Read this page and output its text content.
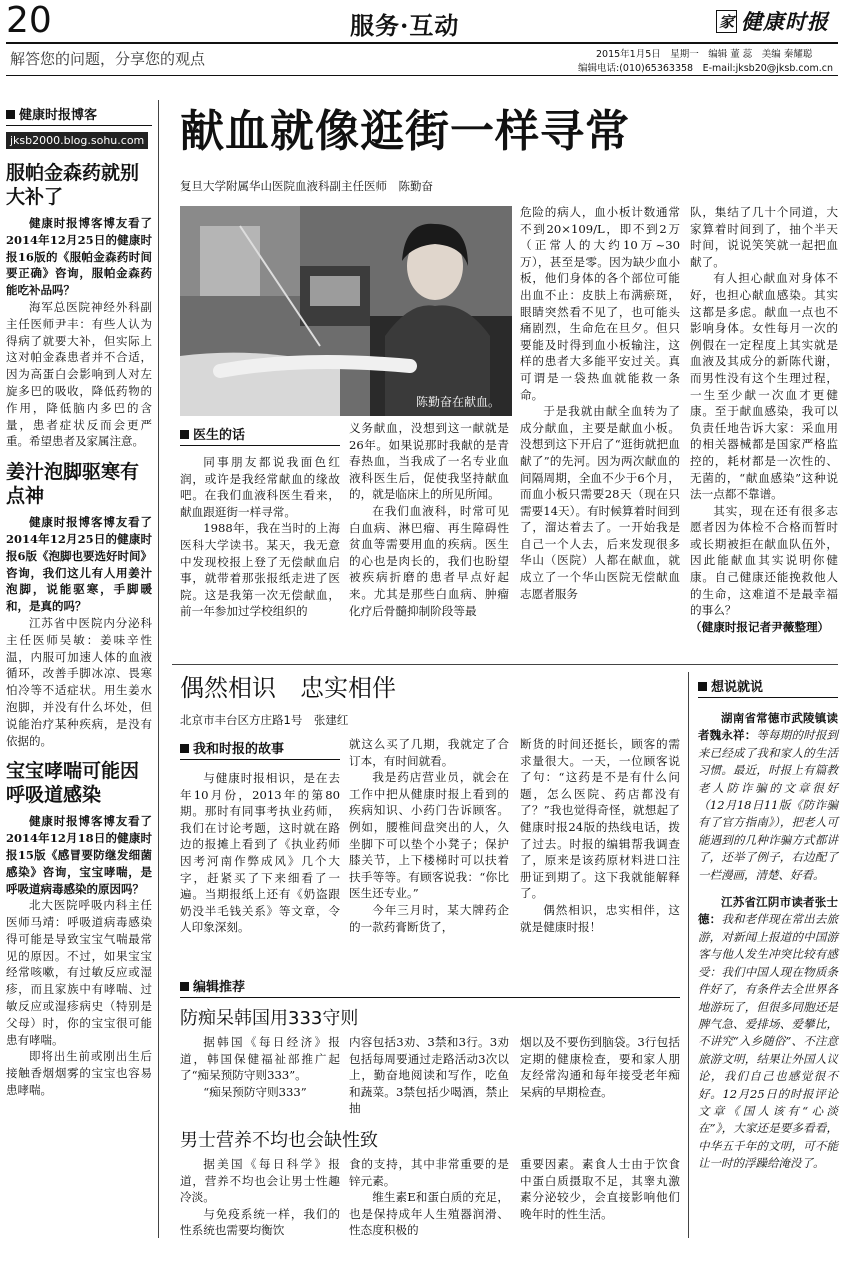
20	服务·互动	家 健康时报
解答您的问题，分享您的观点	2015年1月5日　星期一　编辑 董 蕊　美编 秦耀聪
编辑电话:(010)65363358　E-mail:jksb20@jksb.com.cn
健康时报博客
jksb2000.blog.sohu.com
服帕金森药就别大补了

健康时报博客博友看了2014年12月25日的健康时报16版的《服帕金森药时间要正确》咨询，服帕金森药能吃补品吗？

海军总医院神经外科副主任医师尹丰：有些人认为得病了就要大补，但实际上这对帕金森患者并不合适，因为高蛋白会影响到人对左旋多巴的吸收，降低药物的作用，降低脑内多巴的含量，患者症状反而会更严重。希望患者及家属注意。

姜汁泡脚驱寒有点神

健康时报博客博友看了2014年12月25日的健康时报6版《泡脚也要选好时间》咨询，我们这儿有人用姜汁泡脚，说能驱寒，手脚暖和，是真的吗？

江苏省中医院内分泌科主任医师吴敏：姜味辛性温，内服可加速人体的血液循环，改善手脚冰凉、畏寒怕冷等不适症状。用生姜水泡脚，并没有什么坏处，但说能治疗某种疾病，是没有依据的。

宝宝哮喘可能因呼吸道感染

健康时报博客博友看了2014年12月18日的健康时报15版《感冒要防继发细菌感染》咨询，宝宝哮喘，是呼吸道病毒感染的原因吗？

北大医院呼吸内科主任医师马靖：呼吸道病毒感染得可能是导致宝宝气喘最常见的原因。不过，如果宝宝经常咳嗽，有过敏反应或湿疹，而且家族中有哮喘、过敏反应或湿疹病史（特别是父母）时，你的宝宝很可能患有哮喘。

即将出生前或刚出生后接触香烟烟雾的宝宝也容易患哮喘。

献血就像逛街一样寻常
复旦大学附属华山医院血液科副主任医师　陈勤奋
陈勤奋在献血。
医生的话

同事朋友都说我面色红润，或许是我经常献血的缘故吧。在我们血液科医生看来，献血跟逛街一样寻常。

1988年，我在当时的上海医科大学读书。某天，我无意中发现校报上登了无偿献血启事，就带着那张报纸走进了医院。这是我第一次无偿献血，前一年参加过学校组织的

义务献血，没想到这一献就是26年。如果说那时我献的是青春热血，当我成了一名专业血液科医生后，促使我坚持献血的，就是临床上的所见所闻。

在我们血液科，时常可见白血病、淋巴瘤、再生障碍性贫血等需要用血的疾病。医生的心也是肉长的，我们也盼望被疾病折磨的患者早点好起来。尤其是那些白血病、肿瘤化疗后骨髓抑制阶段等最

危险的病人，血小板计数通常不到20×109/L，即不到2万（正常人的大约10万~30万），甚至是零。因为缺少血小板，他们身体的各个部位可能出血不止：皮肤上布满瘀斑，眼睛突然看不见了，也可能头痛剧烈，生命危在旦夕。但只要能及时得到血小板输注，这样的患者大多能平安过关。真可谓是一袋热血就能救一条命。

于是我就由献全血转为了成分献血，主要是献血小板。没想到这下开启了“逛街就把血献了”的先河。因为两次献血的间隔周期，全血不少于6个月，而血小板只需要28天（现在只需要14天）。有时候算着时间到了，溜达着去了。一开始我是自己一个人去，后来发现很多华山（医院）人都在献血，就成立了一个华山医院无偿献血志愿者服务

队，集结了几十个同道，大家算着时间到了，抽个半天时间，说说笑笑就一起把血献了。

有人担心献血对身体不好，也担心献血感染。其实这都是多虑。献血一点也不影响身体。女性每月一次的例假在一定程度上其实就是血液及其成分的新陈代谢，而男性没有这个生理过程，一生至少献一次血才更健康。至于献血感染，我可以负责任地告诉大家：采血用的相关器械都是国家严格监控的，耗材都是一次性的、无菌的，“献血感染”这种说法一点都不靠谱。

其实，现在还有很多志愿者因为体检不合格而暂时或长期被拒在献血队伍外，因此能献血其实说明你健康。自己健康还能挽救他人的生命，这难道不是最幸福的事么？

（健康时报记者尹薇整理）

偶然相识　忠实相伴
北京市丰台区方庄路1号　张建红
我和时报的故事

与健康时报相识，是在去年10月份，2013年的第80期。那时有同事考执业药师，我们在讨论考题，这时就在路边的报摊上看到了《执业药师因考河南作弊成风》几个大字，赶紧买了下来细看了一遍。当期报纸上还有《奶盗跟奶没半毛钱关系》等文章，令人印象深刻。

就这么买了几期，我就定了合订本，有时间就看。

我是药店营业员，就会在工作中把从健康时报上看到的疾病知识、小药门告诉顾客。例如，腰椎间盘突出的人，久坐脚下可以垫个小凳子；保护膝关节，上下楼梯时可以扶着扶手等等。有顾客说我：“你比医生还专业。”

今年三月时，某大牌药企的一款药膏断货了，

断货的时间还挺长，顾客的需求量很大。一天，一位顾客说了句：“这药是不是有什么问题，怎么医院、药店都没有了？”我也觉得奇怪，就想起了健康时报24版的热线电话，拨了过去。时报的编辑帮我调查了，原来是该药原材料进口注册证到期了。这下我就能解释了。

偶然相识，忠实相伴，这就是健康时报！

想说就说

湖南省常德市武陵镇读者魏永祥：等每期的时报到来已经成了我和家人的生活习惯。最近，时报上有篇教老人防诈骗的文章很好（12月18日11版《防诈骗有了官方指南》），把老人可能遇到的几种诈骗方式都讲了，还举了例子，右边配了一栏漫画，清楚、好看。

江苏省江阴市读者张士德：我和老伴现在常出去旅游，对新闻上报道的中国游客与他人发生冲突比较有感受：我们中国人现在物质条件好了，有条件去全世界各地游玩了，但很多同胞还是脾气急、爱排场、爱攀比，不讲究“入乡随俗”、不注意旅游文明，结果让外国人议论，我们自己也感觉很不好。12月25日的时报评论文章《国人该有“心淡在”》，大家还是要多看看，中华五千年的文明，可不能让一时的浮躁给淹没了。

编辑推荐
防痴呆韩国用333守则

据韩国《每日经济》报道，韩国保健福祉部推广起了“痴呆预防守则333”。

“痴呆预防守则333”

内容包括3劝、3禁和3行。3劝包括每周要通过走路活动3次以上，勤奋地阅读和写作，吃鱼和蔬菜。3禁包括少喝酒，禁止抽

烟以及不要伤到脑袋。3行包括定期的健康检查，要和家人朋友经常沟通和每年接受老年痴呆病的早期检查。

男士营养不均也会缺性致

据美国《每日科学》报道，营养不均也会让男士性趣冷淡。

与免疫系统一样，我们的性系统也需要均衡饮

食的支持，其中非常重要的是锌元素。

维生素E和蛋白质的充足，也是保持成年人生殖器润滑、性态度积极的

重要因素。素食人士由于饮食中蛋白质摄取不足，其睾丸激素分泌较少，会直接影响他们晚年时的性生活。
